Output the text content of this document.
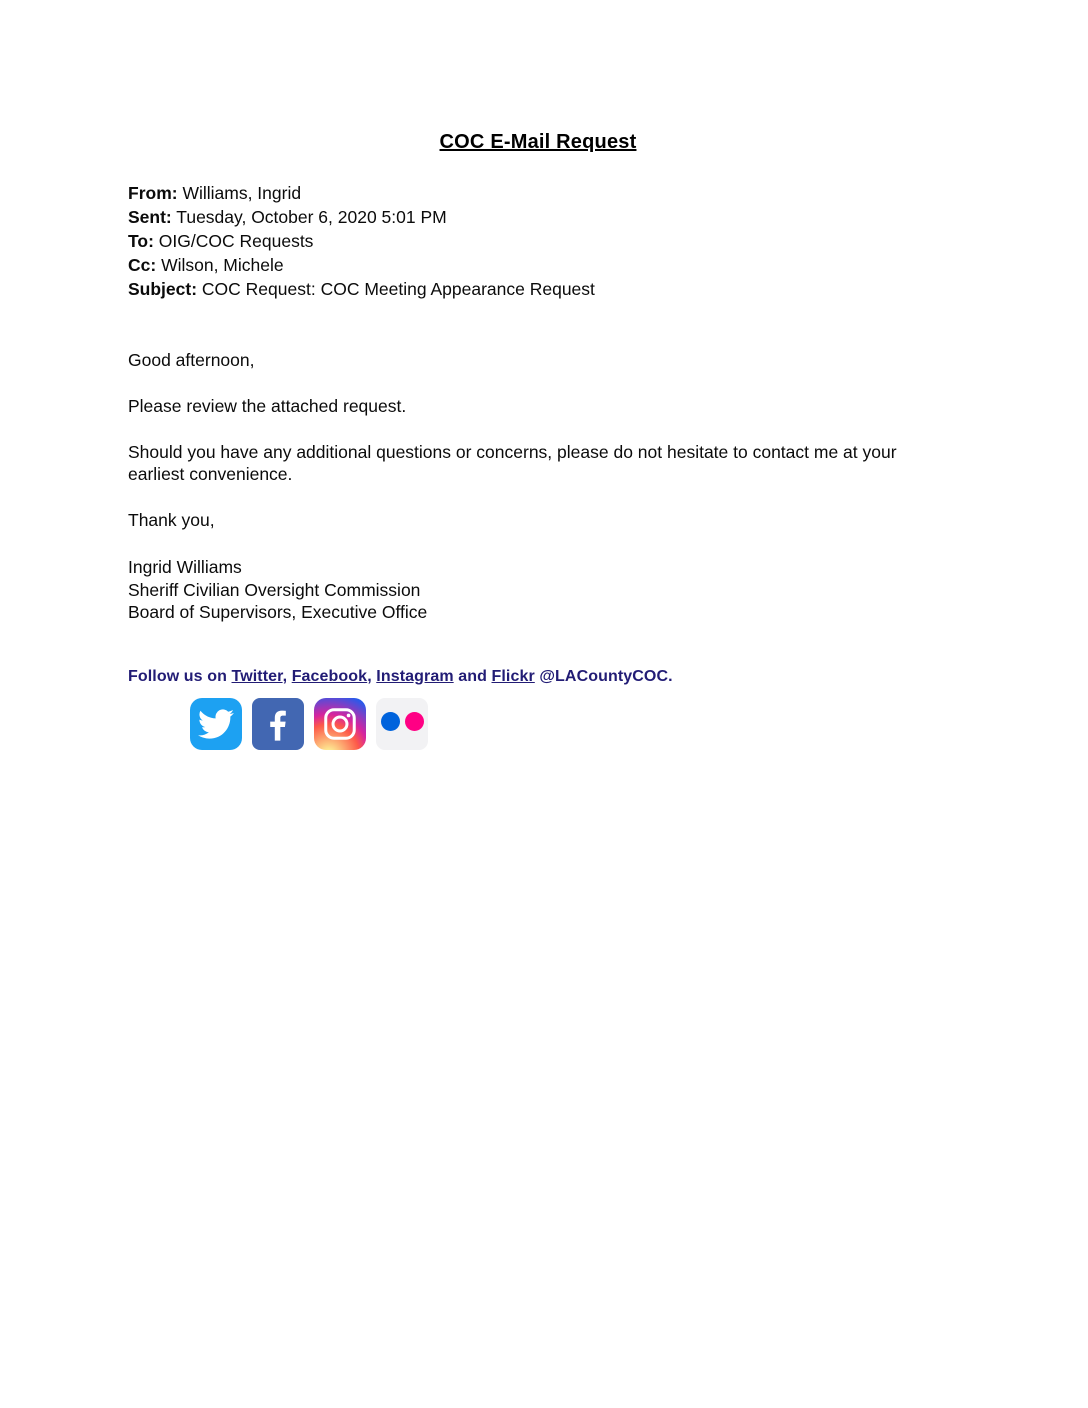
COC E-Mail Request
From: Williams, Ingrid
Sent: Tuesday, October 6, 2020 5:01 PM
To: OIG/COC Requests
Cc: Wilson, Michele
Subject: COC Request: COC Meeting Appearance Request

Good afternoon,

Please review the attached request.

Should you have any additional questions or concerns, please do not hesitate to contact me at your earliest convenience.

Thank you,

Ingrid Williams
Sheriff Civilian Oversight Commission
Board of Supervisors, Executive Office
Follow us on Twitter, Facebook, Instagram and Flickr @LACountyCOC.
